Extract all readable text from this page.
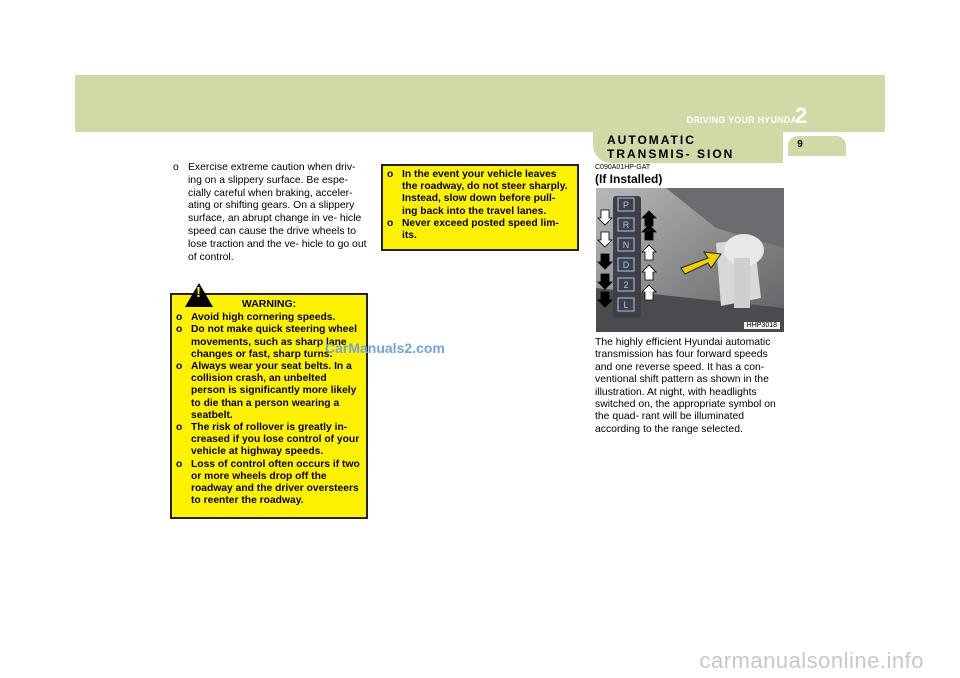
DRIVING YOUR HYUNDAI
2
AUTOMATIC TRANSMIS- SION
9
o Exercise extreme caution when driv- ing on a slippery surface. Be espe- cially careful when braking, acceler- ating or shifting gears. On a slippery surface, an abrupt change in ve- hicle speed can cause the drive wheels to lose traction and the ve- hicle to go out of control.
!
WARNING:
o Avoid high cornering speeds.
o Do not make quick steering wheel movements, such as sharp lane changes or fast, sharp turns.
o Always wear your seat belts. In a collision crash, an unbelted person is significantly more likely to die than a person wearing a seatbelt.
o The risk of rollover is greatly in- creased if you lose control of your vehicle at highway speeds.
o Loss of control often occurs if two or more wheels drop off the roadway and the driver oversteers to reenter the roadway.
o In the event your vehicle leaves the roadway, do not steer sharply. Instead, slow down before pull- ing back into the travel lanes.
o Never exceed posted speed lim- its.
C090A01HP-GAT
(If Installed)
P
R
N
D
2
L
HHP3018
The highly efficient Hyundai automatic transmission has four forward speeds and one reverse speed. It has a con- ventional shift pattern as shown in the illustration. At night, with headlights switched on, the appropriate symbol on the quad- rant will be illuminated according to the range selected.
CarManuals2.com
carmanualsonline.info
